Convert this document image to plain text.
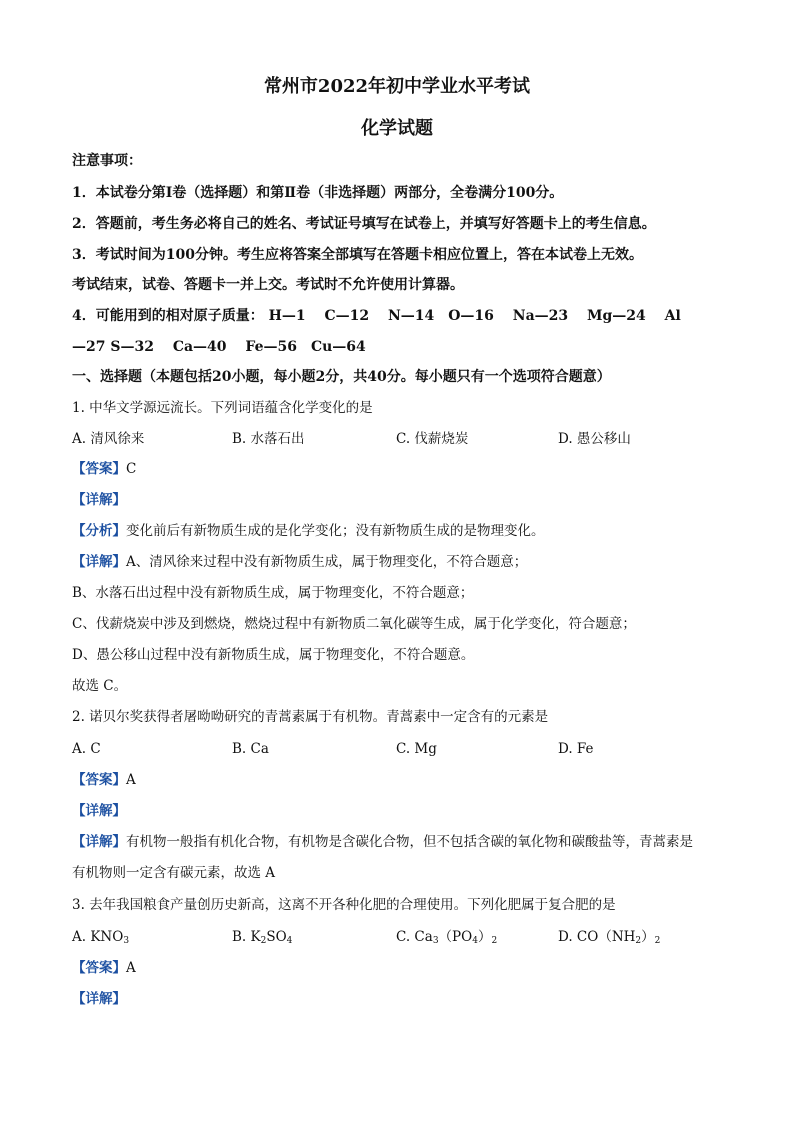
常州市2022年初中学业水平考试
化学试题
注意事项：
1．本试卷分第Ⅰ卷（选择题）和第Ⅱ卷（非选择题）两部分，全卷满分100分。
2．答题前，考生务必将自己的姓名、考试证号填写在试卷上，并填写好答题卡上的考生信息。
3．考试时间为100分钟。考生应将答案全部填写在答题卡相应位置上，答在本试卷上无效。
考试结束，试卷、答题卡一并上交。考试时不允许使用计算器。
4．可能用到的相对原子质量： H—1　 C—12　 N—14　O—16　 Na—23　 Mg—24　 Al
—27 S—32　 Ca—40　 Fe—56　Cu—64
一、选择题（本题包括20小题，每小题2分，共40分。每小题只有一个选项符合题意）
1. 中华文学源远流长。下列词语蕴含化学变化的是
A. 清风徐来	B. 水落石出	C. 伐薪烧炭	D. 愚公移山
【答案】C
【详解】
【分析】变化前后有新物质生成的是化学变化；没有新物质生成的是物理变化。
【详解】A、清风徐来过程中没有新物质生成，属于物理变化，不符合题意；
B、水落石出过程中没有新物质生成，属于物理变化，不符合题意；
C、伐薪烧炭中涉及到燃烧，燃烧过程中有新物质二氧化碳等生成，属于化学变化，符合题意；
D、愚公移山过程中没有新物质生成，属于物理变化，不符合题意。
故选 C。
2. 诺贝尔奖获得者屠呦呦研究的青蒿素属于有机物。青蒿素中一定含有的元素是
A. C	B. Ca	C. Mg	D. Fe
【答案】A
【详解】
【详解】有机物一般指有机化合物，有机物是含碳化合物，但不包括含碳的氧化物和碳酸盐等，青蒿素是
有机物则一定含有碳元素，故选 A
3. 去年我国粮食产量创历史新高，这离不开各种化肥的合理使用。下列化肥属于复合肥的是
A. $KNO_3$	B. $K_2SO_4$	C. $Ca_3(PO_4)_2$	D. $CO(NH_2)_2$
【答案】A
【详解】
